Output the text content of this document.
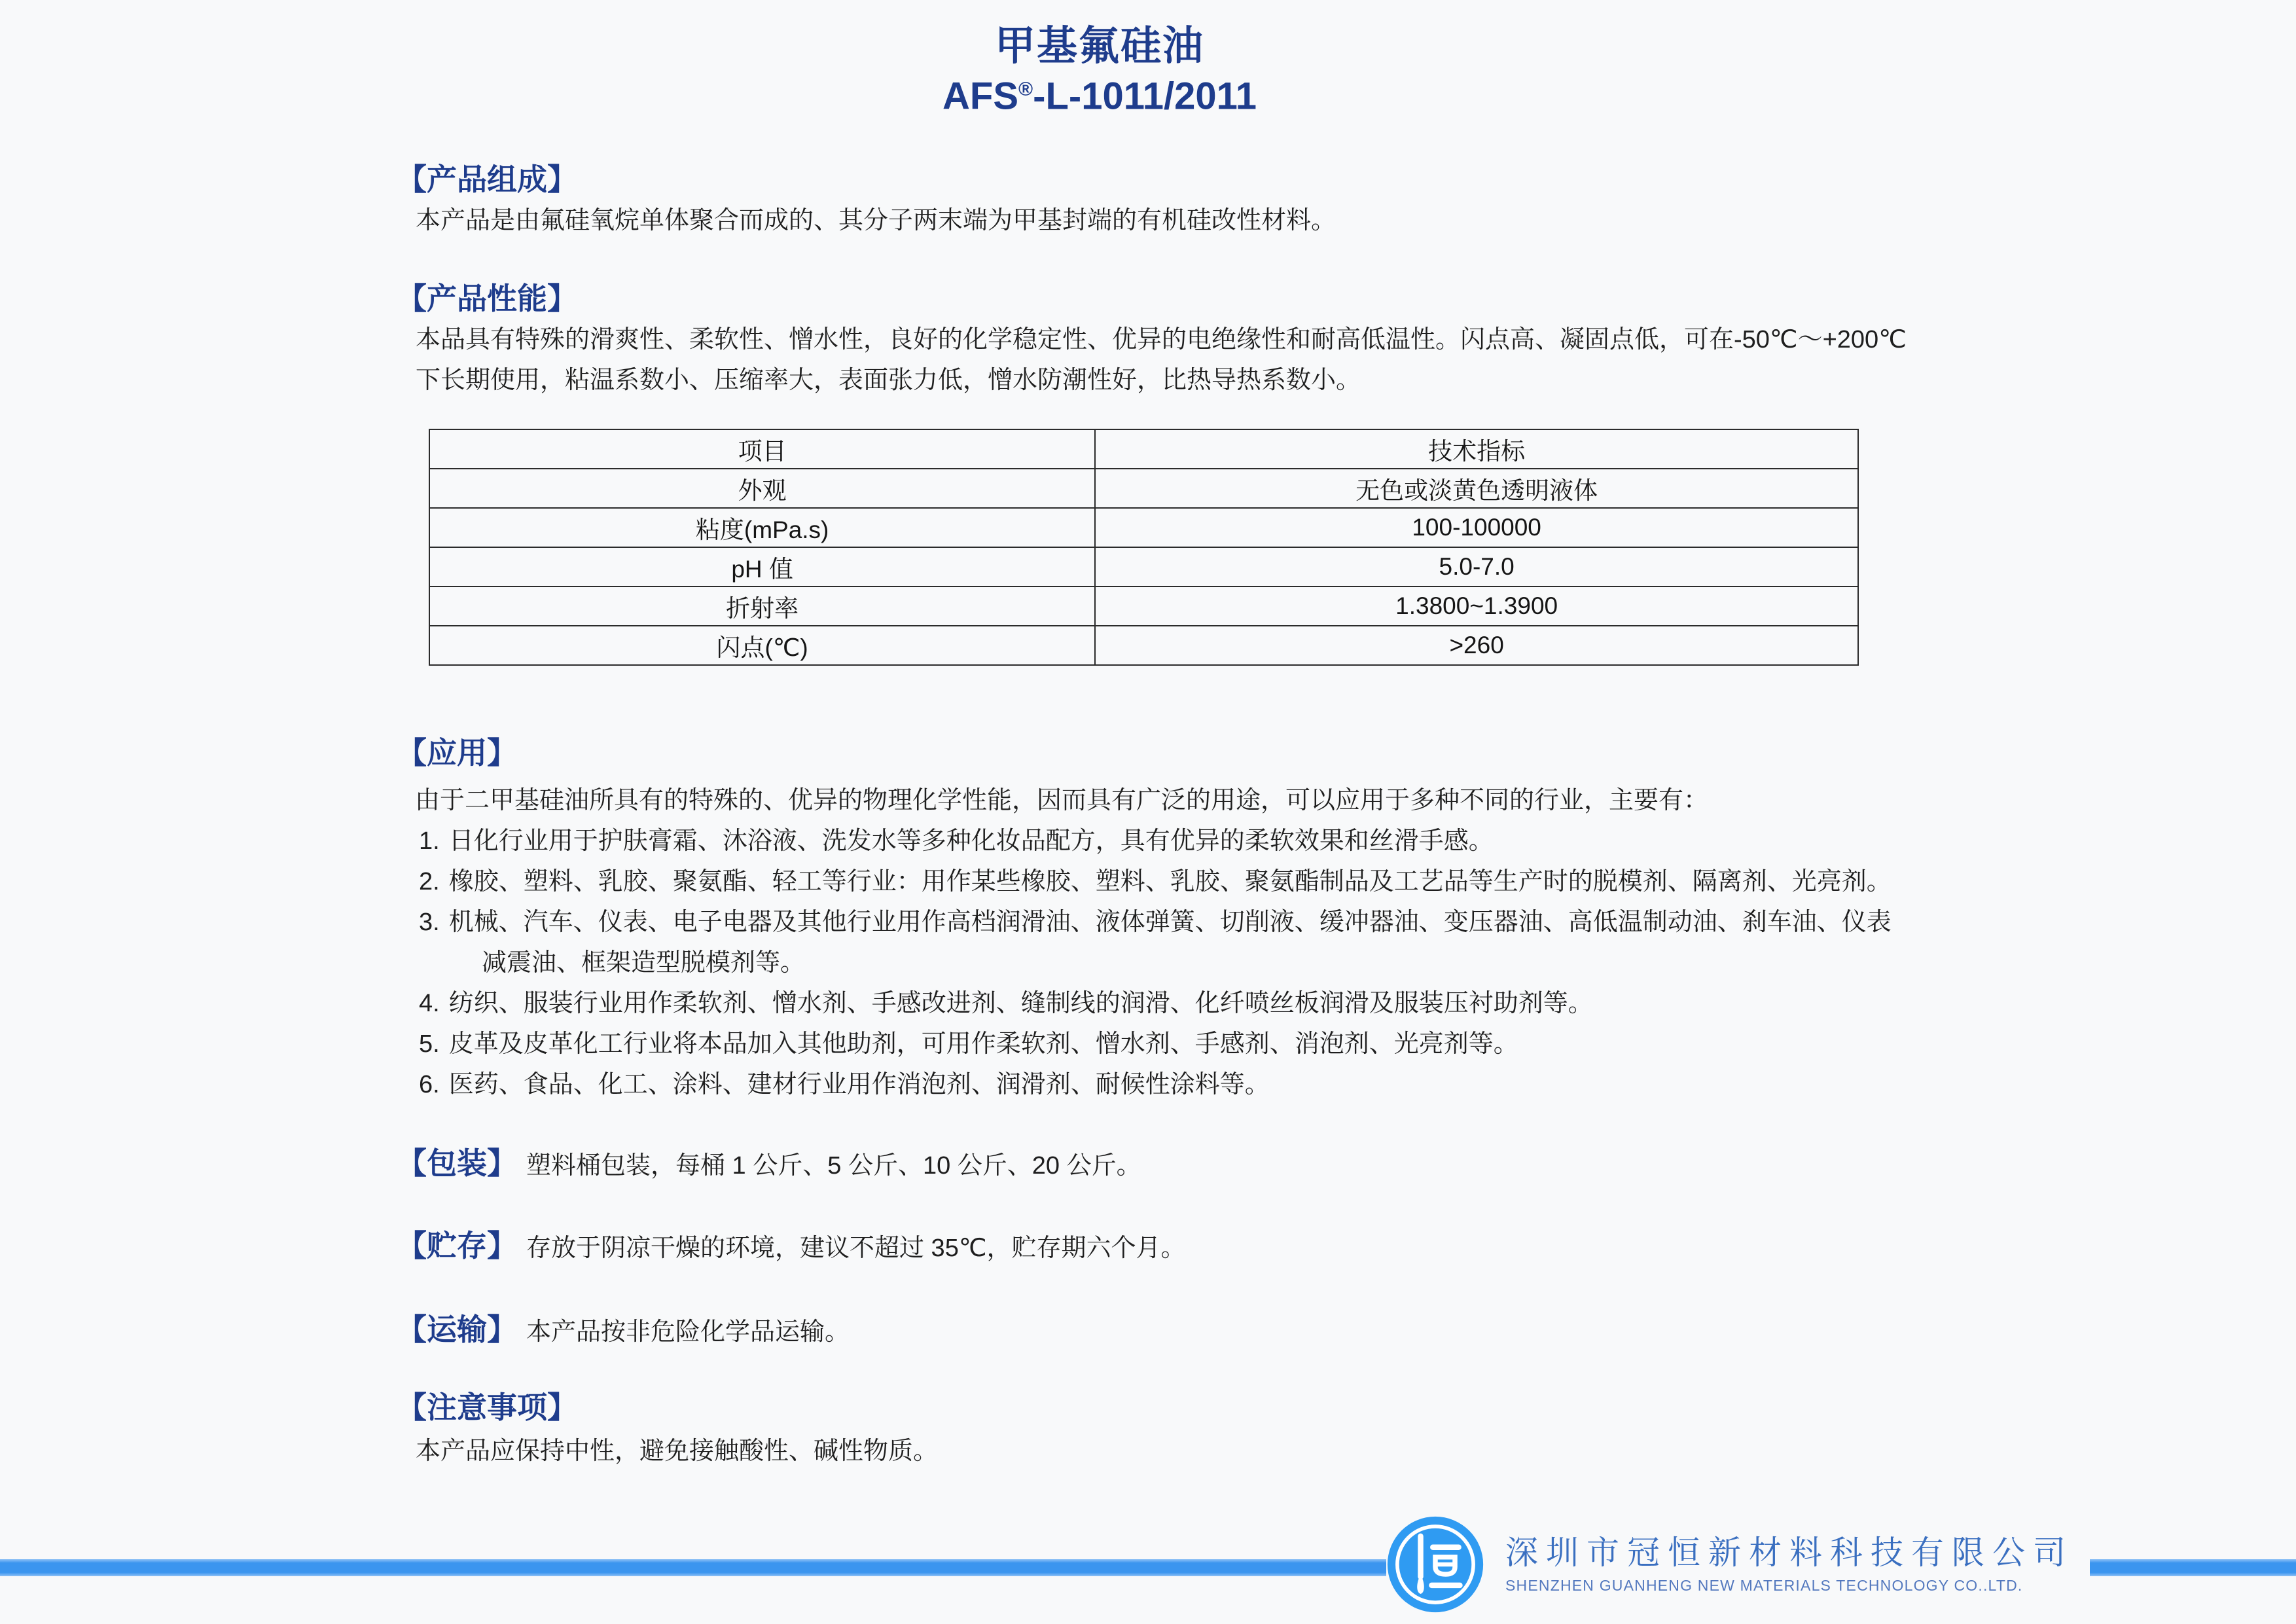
甲基氟硅油
AFS®-L-1011/2011
【产品组成】
本产品是由氟硅氧烷单体聚合而成的、其分子两末端为甲基封端的有机硅改性材料。
【产品性能】
本品具有特殊的滑爽性、柔软性、憎水性，良好的化学稳定性、优异的电绝缘性和耐高低温性。闪点高、凝固点低，可在-50℃～+200℃下长期使用，粘温系数小、压缩率大，表面张力低，憎水防潮性好，比热导热系数小。
项目	技术指标
外观	无色或淡黄色透明液体
粘度(mPa.s)	100-100000
pH 值	5.0-7.0
折射率	1.3800~1.3900
闪点(℃)	>260
【应用】
由于二甲基硅油所具有的特殊的、优异的物理化学性能，因而具有广泛的用途，可以应用于多种不同的行业，主要有：
1. 日化行业用于护肤膏霜、沐浴液、洗发水等多种化妆品配方，具有优异的柔软效果和丝滑手感。
2. 橡胶、塑料、乳胶、聚氨酯、轻工等行业：用作某些橡胶、塑料、乳胶、聚氨酯制品及工艺品等生产时的脱模剂、隔离剂、光亮剂。
3. 机械、汽车、仪表、电子电器及其他行业用作高档润滑油、液体弹簧、切削液、缓冲器油、变压器油、高低温制动油、刹车油、仪表减震油、框架造型脱模剂等。
4. 纺织、服装行业用作柔软剂、憎水剂、手感改进剂、缝制线的润滑、化纤喷丝板润滑及服装压衬助剂等。
5. 皮革及皮革化工行业将本品加入其他助剂，可用作柔软剂、憎水剂、手感剂、消泡剂、光亮剂等。
6. 医药、食品、化工、涂料、建材行业用作消泡剂、润滑剂、耐候性涂料等。
【包装】 塑料桶包装，每桶 1 公斤、5 公斤、10 公斤、20 公斤。
【贮存】 存放于阴凉干燥的环境，建议不超过 35℃，贮存期六个月。
【运输】 本产品按非危险化学品运输。
【注意事项】
本产品应保持中性，避免接触酸性、碱性物质。
深圳市冠恒新材料科技有限公司
SHENZHEN GUANHENG NEW MATERIALS TECHNOLOGY CO..LTD.
